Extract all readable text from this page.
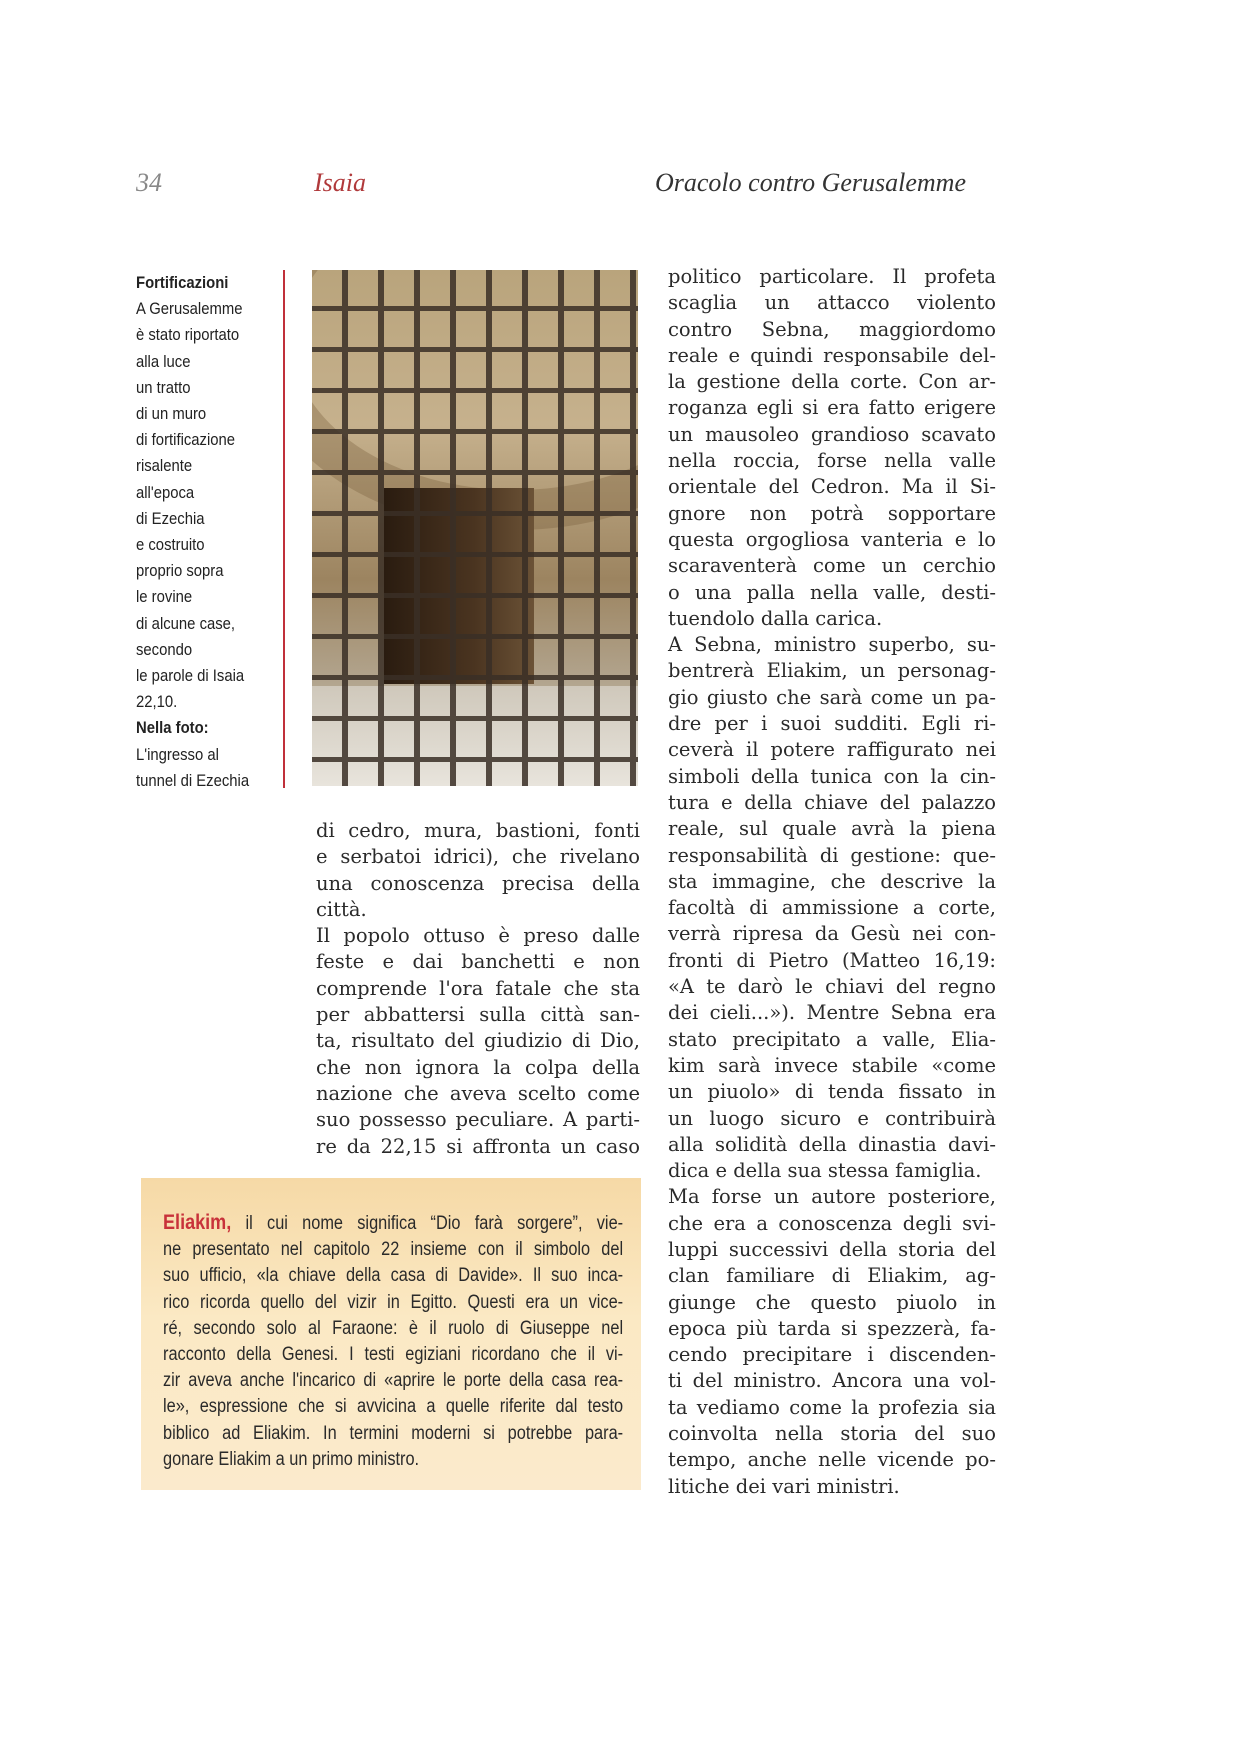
34	Isaia	Oracolo contro Gerusalemme
Fortificazioni
A Gerusalemme
è stato riportato
alla luce
un tratto
di un muro
di fortificazione
risalente
all'epoca
di Ezechia
e costruito
proprio sopra
le rovine
di alcune case,
secondo
le parole di Isaia
22,10.
Nella foto:
L'ingresso al
tunnel di Ezechia
di cedro, mura, bastioni, fonti
e serbatoi idrici), che rivelano
una conoscenza precisa della
città.
Il popolo ottuso è preso dalle
feste e dai banchetti e non
comprende l'ora fatale che sta
per abbattersi sulla città san-
ta, risultato del giudizio di Dio,
che non ignora la colpa della
nazione che aveva scelto come
suo possesso peculiare. A parti-
re da 22,15 si affronta un caso
politico particolare. Il profeta
scaglia un attacco violento
contro Sebna, maggiordomo
reale e quindi responsabile del-
la gestione della corte. Con ar-
roganza egli si era fatto erigere
un mausoleo grandioso scavato
nella roccia, forse nella valle
orientale del Cedron. Ma il Si-
gnore non potrà sopportare
questa orgogliosa vanteria e lo
scaraventerà come un cerchio
o una palla nella valle, desti-
tuendolo dalla carica.
A Sebna, ministro superbo, su-
bentrerà Eliakim, un personag-
gio giusto che sarà come un pa-
dre per i suoi sudditi. Egli ri-
ceverà il potere raffigurato nei
simboli della tunica con la cin-
tura e della chiave del palazzo
reale, sul quale avrà la piena
responsabilità di gestione: que-
sta immagine, che descrive la
facoltà di ammissione a corte,
verrà ripresa da Gesù nei con-
fronti di Pietro (Matteo 16,19:
«A te darò le chiavi del regno
dei cieli...»). Mentre Sebna era
stato precipitato a valle, Elia-
kim sarà invece stabile «come
un piuolo» di tenda fissato in
un luogo sicuro e contribuirà
alla solidità della dinastia davi-
dica e della sua stessa famiglia.
Ma forse un autore posteriore,
che era a conoscenza degli svi-
luppi successivi della storia del
clan familiare di Eliakim, ag-
giunge che questo piuolo in
epoca più tarda si spezzerà, fa-
cendo precipitare i discenden-
ti del ministro. Ancora una vol-
ta vediamo come la profezia sia
coinvolta nella storia del suo
tempo, anche nelle vicende po-
litiche dei vari ministri.
Eliakim, il cui nome significa “Dio farà sorgere”, vie-
ne presentato nel capitolo 22 insieme con il simbolo del
suo ufficio, «la chiave della casa di Davide». Il suo inca-
rico ricorda quello del vizir in Egitto. Questi era un vice-
ré, secondo solo al Faraone: è il ruolo di Giuseppe nel
racconto della Genesi. I testi egiziani ricordano che il vi-
zir aveva anche l'incarico di «aprire le porte della casa rea-
le», espressione che si avvicina a quelle riferite dal testo
biblico ad Eliakim. In termini moderni si potrebbe para-
gonare Eliakim a un primo ministro.
